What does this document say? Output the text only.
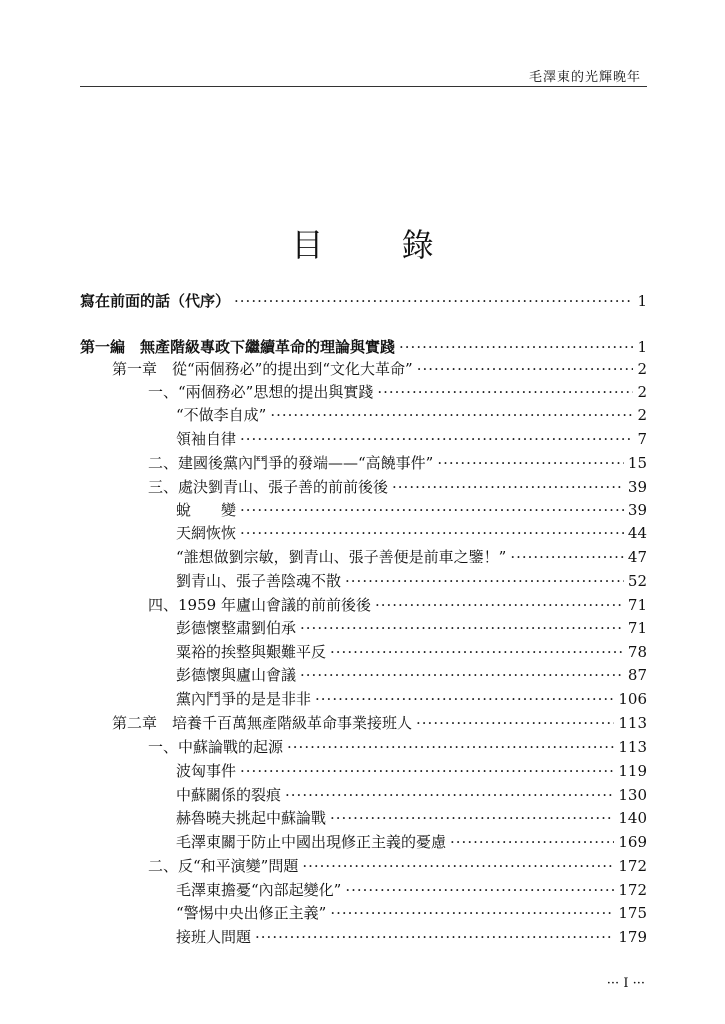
毛澤東的光輝晚年
目 錄
寫在前面的話（代序） ·····	1
第一編　無產階級專政下繼續革命的理論與實踐 ·····	1
第一章　從“兩個務必”的提出到“文化大革命” ·····	2
一、“兩個務必”思想的提出與實踐 ·····	2
“不做李自成” ·····	2
領袖自律 ·····	7
二、建國後黨內鬥爭的發端——“高饒事件” ·····	15
三、處決劉青山、張子善的前前後後 ·····	39
蛻　　變 ·····	39
天網恢恢 ·····	44
“誰想做劉宗敏，劉青山、張子善便是前車之鑒！” ·····	47
劉青山、張子善陰魂不散 ·····	52
四、1959 年廬山會議的前前後後 ·····	71
彭德懷整肅劉伯承 ·····	71
粟裕的挨整與艱難平反 ·····	78
彭德懷與廬山會議 ·····	87
黨內鬥爭的是是非非 ·····	106
第二章　培養千百萬無產階級革命事業接班人 ·····	113
一、中蘇論戰的起源 ·····	113
波匈事件 ·····	119
中蘇關係的裂痕 ·····	130
赫魯曉夫挑起中蘇論戰 ·····	140
毛澤東關于防止中國出現修正主義的憂慮 ·····	169
二、反“和平演變”問題 ·····	172
毛澤東擔憂“內部起變化” ·····	172
“警惕中央出修正主義” ·····	175
接班人問題 ·····	179
··· I ···
